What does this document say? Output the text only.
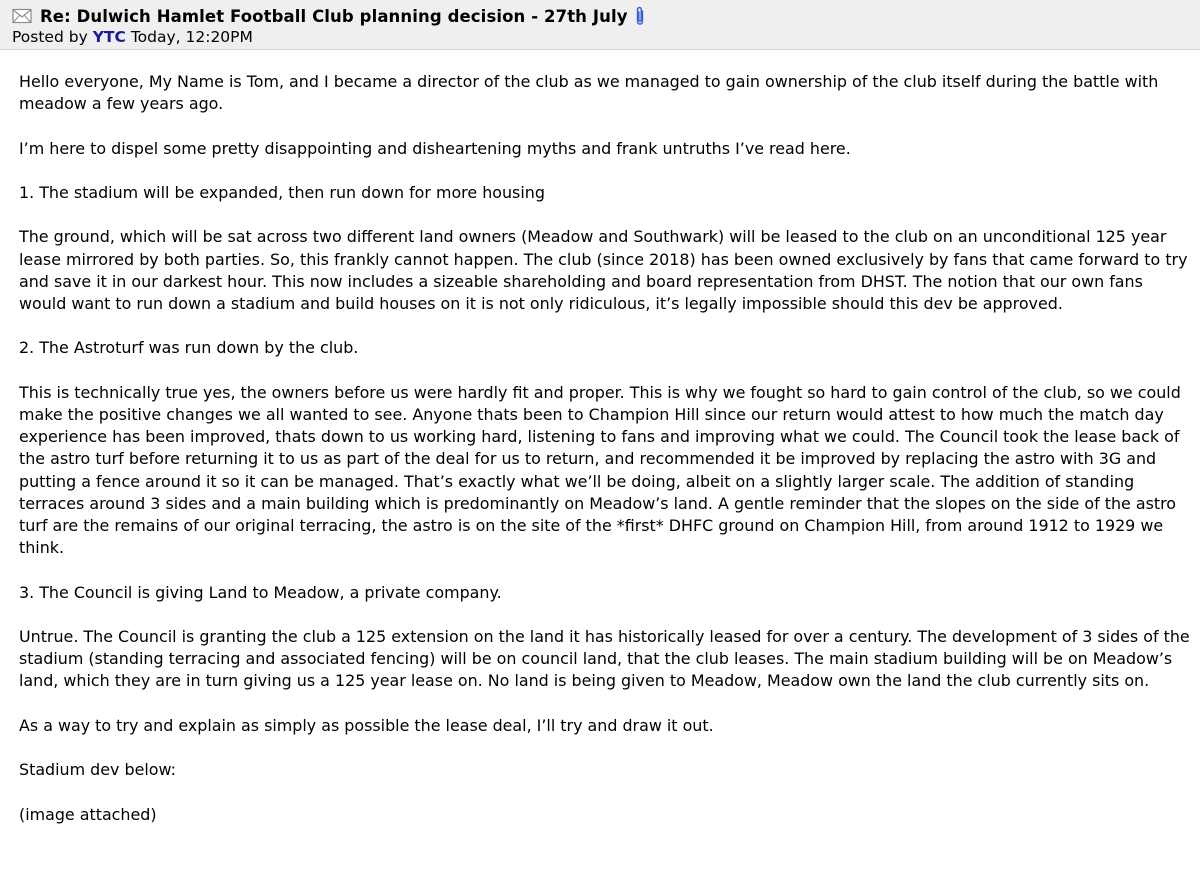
Re: Dulwich Hamlet Football Club planning decision - 27th July
Posted by YTC Today, 12:20PM

Hello everyone, My Name is Tom, and I became a director of the club as we managed to gain ownership of the club itself during the battle with meadow a few years ago.

I’m here to dispel some pretty disappointing and disheartening myths and frank untruths I’ve read here.

1. The stadium will be expanded, then run down for more housing

The ground, which will be sat across two different land owners (Meadow and Southwark) will be leased to the club on an unconditional 125 year lease mirrored by both parties. So, this frankly cannot happen. The club (since 2018) has been owned exclusively by fans that came forward to try and save it in our darkest hour. This now includes a sizeable shareholding and board representation from DHST. The notion that our own fans would want to run down a stadium and build houses on it is not only ridiculous, it’s legally impossible should this dev be approved.

2. The Astroturf was run down by the club.

This is technically true yes, the owners before us were hardly fit and proper. This is why we fought so hard to gain control of the club, so we could make the positive changes we all wanted to see. Anyone thats been to Champion Hill since our return would attest to how much the match day experience has been improved, thats down to us working hard, listening to fans and improving what we could. The Council took the lease back of the astro turf before returning it to us as part of the deal for us to return, and recommended it be improved by replacing the astro with 3G and putting a fence around it so it can be managed. That’s exactly what we’ll be doing, albeit on a slightly larger scale. The addition of standing terraces around 3 sides and a main building which is predominantly on Meadow’s land. A gentle reminder that the slopes on the side of the astro turf are the remains of our original terracing, the astro is on the site of the *first* DHFC ground on Champion Hill, from around 1912 to 1929 we think.

3. The Council is giving Land to Meadow, a private company.

Untrue. The Council is granting the club a 125 extension on the land it has historically leased for over a century. The development of 3 sides of the stadium (standing terracing and associated fencing) will be on council land, that the club leases. The main stadium building will be on Meadow’s land, which they are in turn giving us a 125 year lease on. No land is being given to Meadow, Meadow own the land the club currently sits on.

As a way to try and explain as simply as possible the lease deal, I’ll try and draw it out.

Stadium dev below:

(image attached)
